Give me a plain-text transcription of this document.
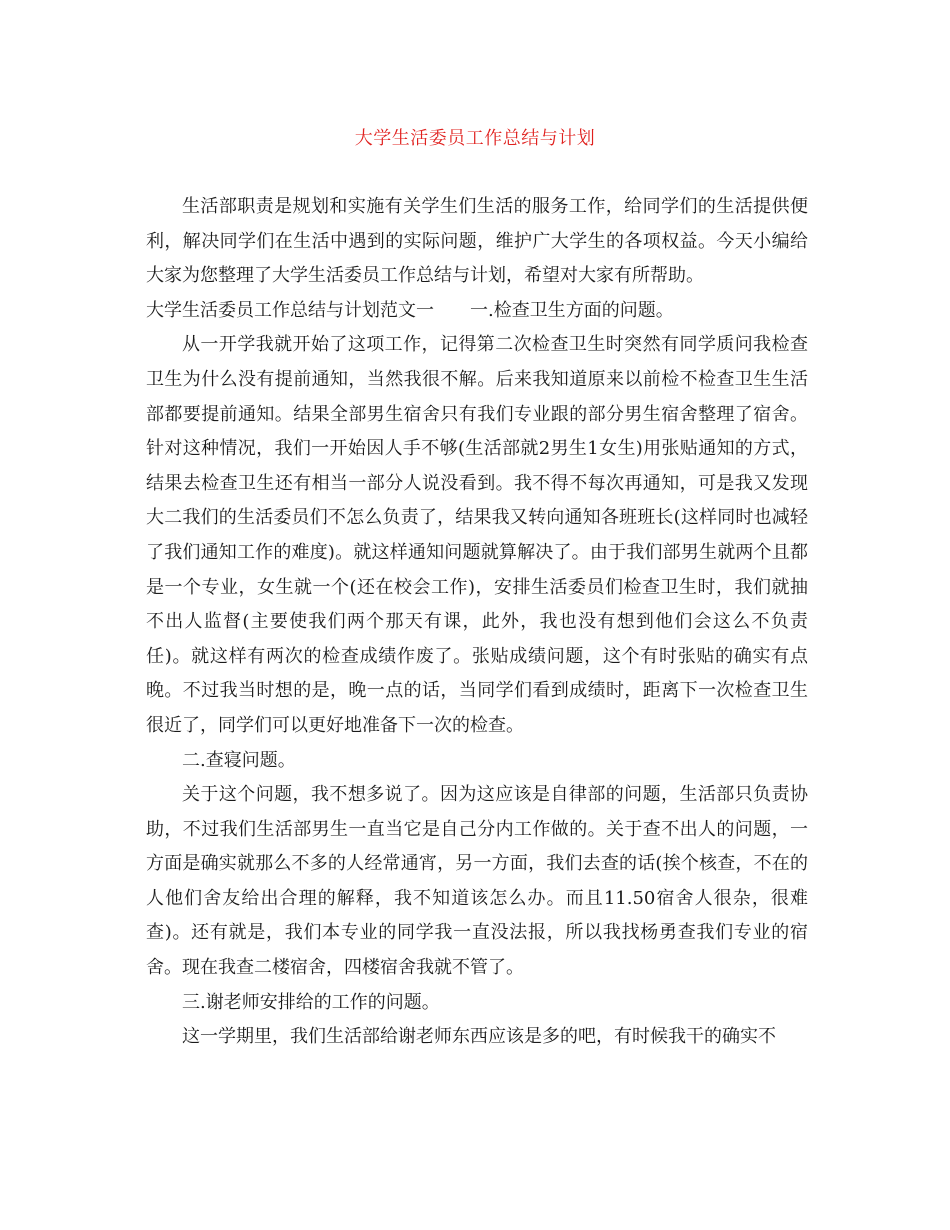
大学生活委员工作总结与计划

生活部职责是规划和实施有关学生们生活的服务工作，给同学们的生活提供便利，解决同学们在生活中遇到的实际问题，维护广大学生的各项权益。今天小编给大家为您整理了大学生活委员工作总结与计划，希望对大家有所帮助。

大学生活委员工作总结与计划范文一 一.检查卫生方面的问题。

从一开学我就开始了这项工作，记得第二次检查卫生时突然有同学质问我检查卫生为什么没有提前通知，当然我很不解。后来我知道原来以前检不检查卫生生活部都要提前通知。结果全部男生宿舍只有我们专业跟的部分男生宿舍整理了宿舍。针对这种情况，我们一开始因人手不够(生活部就2男生1女生)用张贴通知的方式，结果去检查卫生还有相当一部分人说没看到。我不得不每次再通知，可是我又发现大二我们的生活委员们不怎么负责了，结果我又转向通知各班班长(这样同时也减轻了我们通知工作的难度)。就这样通知问题就算解决了。由于我们部男生就两个且都是一个专业，女生就一个(还在校会工作)，安排生活委员们检查卫生时，我们就抽不出人监督(主要使我们两个那天有课，此外，我也没有想到他们会这么不负责任)。就这样有两次的检查成绩作废了。张贴成绩问题，这个有时张贴的确实有点晚。不过我当时想的是，晚一点的话，当同学们看到成绩时，距离下一次检查卫生很近了，同学们可以更好地准备下一次的检查。

二.查寝问题。

关于这个问题，我不想多说了。因为这应该是自律部的问题，生活部只负责协助，不过我们生活部男生一直当它是自己分内工作做的。关于查不出人的问题，一方面是确实就那么不多的人经常通宵，另一方面，我们去查的话(挨个核查，不在的人他们舍友给出合理的解释，我不知道该怎么办。而且11.50宿舍人很杂，很难查)。还有就是，我们本专业的同学我一直没法报，所以我找杨勇查我们专业的宿舍。现在我查二楼宿舍，四楼宿舍我就不管了。

三.谢老师安排给的工作的问题。

这一学期里，我们生活部给谢老师东西应该是多的吧，有时候我干的确实不
